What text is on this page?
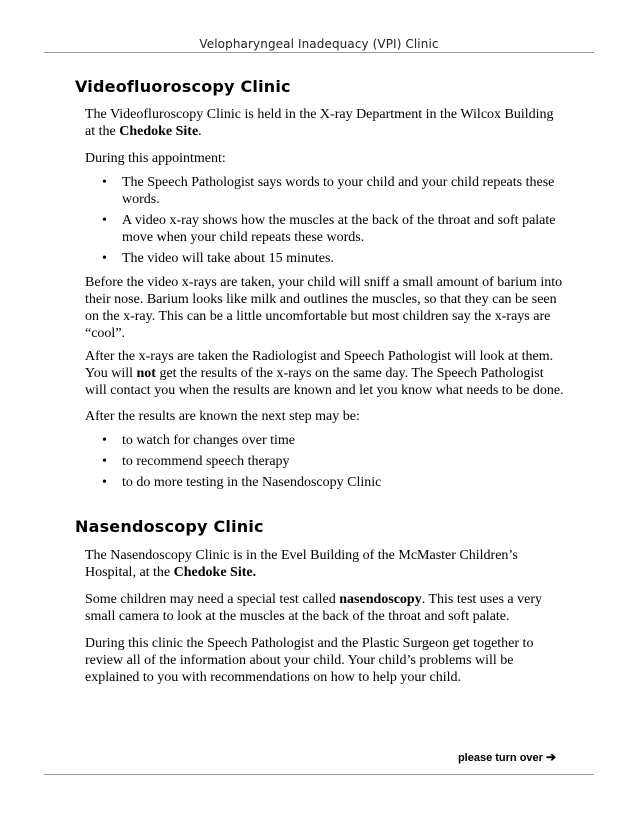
Velopharyngeal Inadequacy (VPI) Clinic
Videofluoroscopy Clinic

The Videofluroscopy Clinic is held in the X-ray Department in the Wilcox Building at the Chedoke Site.

During this appointment:

• The Speech Pathologist says words to your child and your child repeats these words.
• A video x-ray shows how the muscles at the back of the throat and soft palate move when your child repeats these words.
• The video will take about 15 minutes.

Before the video x-rays are taken, your child will sniff a small amount of barium into their nose. Barium looks like milk and outlines the muscles, so that they can be seen on the x-ray. This can be a little uncomfortable but most children say the x-rays are “cool”.

After the x-rays are taken the Radiologist and Speech Pathologist will look at them. You will not get the results of the x-rays on the same day. The Speech Pathologist will contact you when the results are known and let you know what needs to be done.

After the results are known the next step may be:

• to watch for changes over time
• to recommend speech therapy
• to do more testing in the Nasendoscopy Clinic
Nasendoscopy Clinic

The Nasendoscopy Clinic is in the Evel Building of the McMaster Children’s Hospital, at the Chedoke Site.

Some children may need a special test called nasendoscopy. This test uses a very small camera to look at the muscles at the back of the throat and soft palate.

During this clinic the Speech Pathologist and the Plastic Surgeon get together to review all of the information about your child. Your child’s problems will be explained to you with recommendations on how to help your child.

please turn over ➔
